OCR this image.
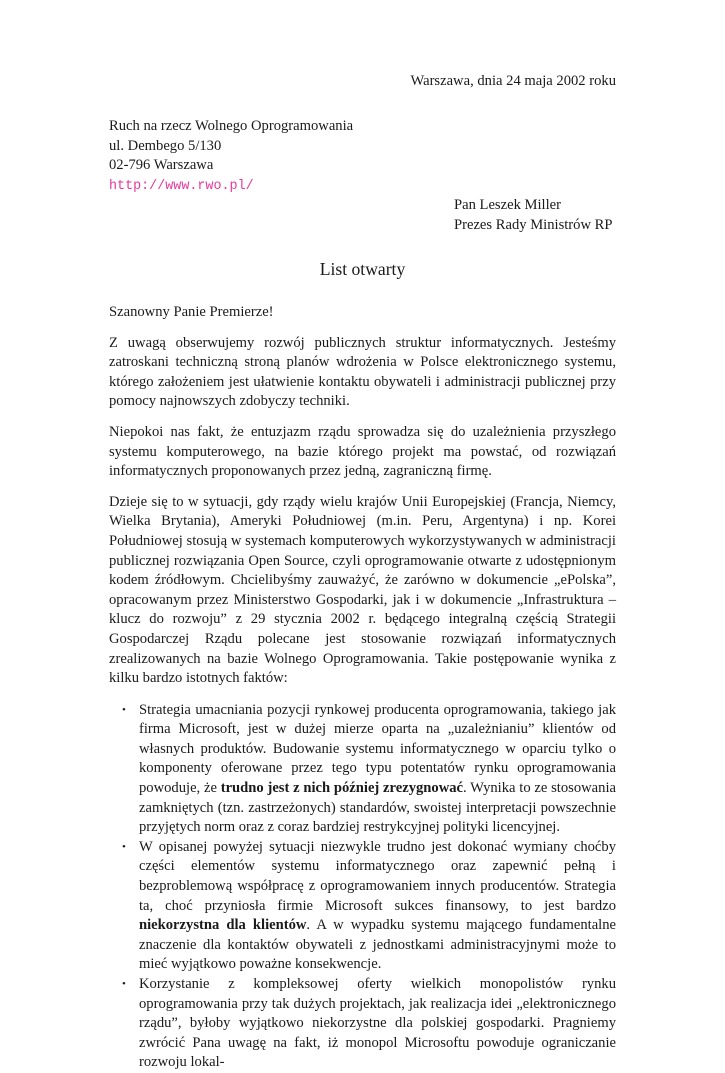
Warszawa, dnia 24 maja 2002 roku
Ruch na rzecz Wolnego Oprogramowania
ul. Dembego 5/130
02-796 Warszawa
http://www.rwo.pl/
Pan Leszek Miller
Prezes Rady Ministrów RP
List otwarty

Szanowny Panie Premierze!

Z uwagą obserwujemy rozwój publicznych struktur informatycznych. Jesteśmy zatroskani techniczną stroną planów wdrożenia w Polsce elektronicznego systemu, którego założeniem jest ułatwienie kontaktu obywateli i administracji publicznej przy pomocy najnowszych zdobyczy techniki.

Niepokoi nas fakt, że entuzjazm rządu sprowadza się do uzależnienia przyszłego systemu komputerowego, na bazie którego projekt ma powstać, od rozwiązań informatycznych proponowanych przez jedną, zagraniczną firmę.

Dzieje się to w sytuacji, gdy rządy wielu krajów Unii Europejskiej (Francja, Niemcy, Wielka Brytania), Ameryki Południowej (m.in. Peru, Argentyna) i np. Korei Południowej stosują w systemach komputerowych wykorzystywanych w administracji publicznej rozwiązania Open Source, czyli oprogramowanie otwarte z udostępnionym kodem źródłowym. Chcielibyśmy zauważyć, że zarówno w dokumencie „ePolska”, opracowanym przez Ministerstwo Gospodarki, jak i w dokumencie „Infrastruktura – klucz do rozwoju” z 29 stycznia 2002 r. będącego integralną częścią Strategii Gospodarczej Rządu polecane jest stosowanie rozwiązań informatycznych zrealizowanych na bazie Wolnego Oprogramowania. Takie postępowanie wynika z kilku bardzo istotnych faktów:

• Strategia umacniania pozycji rynkowej producenta oprogramowania, takiego jak firma Microsoft, jest w dużej mierze oparta na „uzależnianiu” klientów od własnych produktów. Budowanie systemu informatycznego w oparciu tylko o komponenty oferowane przez tego typu potentatów rynku oprogramowania powoduje, że trudno jest z nich później zrezygnować. Wynika to ze stosowania zamkniętych (tzn. zastrzeżonych) standardów, swoistej interpretacji powszechnie przyjętych norm oraz z coraz bardziej restrykcyjnej polityki licencyjnej.
• W opisanej powyżej sytuacji niezwykle trudno jest dokonać wymiany choćby części elementów systemu informatycznego oraz zapewnić pełną i bezproblemową współpracę z oprogramowaniem innych producentów. Strategia ta, choć przyniosła firmie Microsoft sukces finansowy, to jest bardzo niekorzystna dla klientów. A w wypadku systemu mającego fundamentalne znaczenie dla kontaktów obywateli z jednostkami administracyjnymi może to mieć wyjątkowo poważne konsekwencje.
• Korzystanie z kompleksowej oferty wielkich monopolistów rynku oprogramowania przy tak dużych projektach, jak realizacja idei „elektronicznego rządu”, byłoby wyjątkowo niekorzystne dla polskiej gospodarki. Pragniemy zwrócić Pana uwagę na fakt, iż monopol Microsoftu powoduje ograniczanie rozwoju lokal-
